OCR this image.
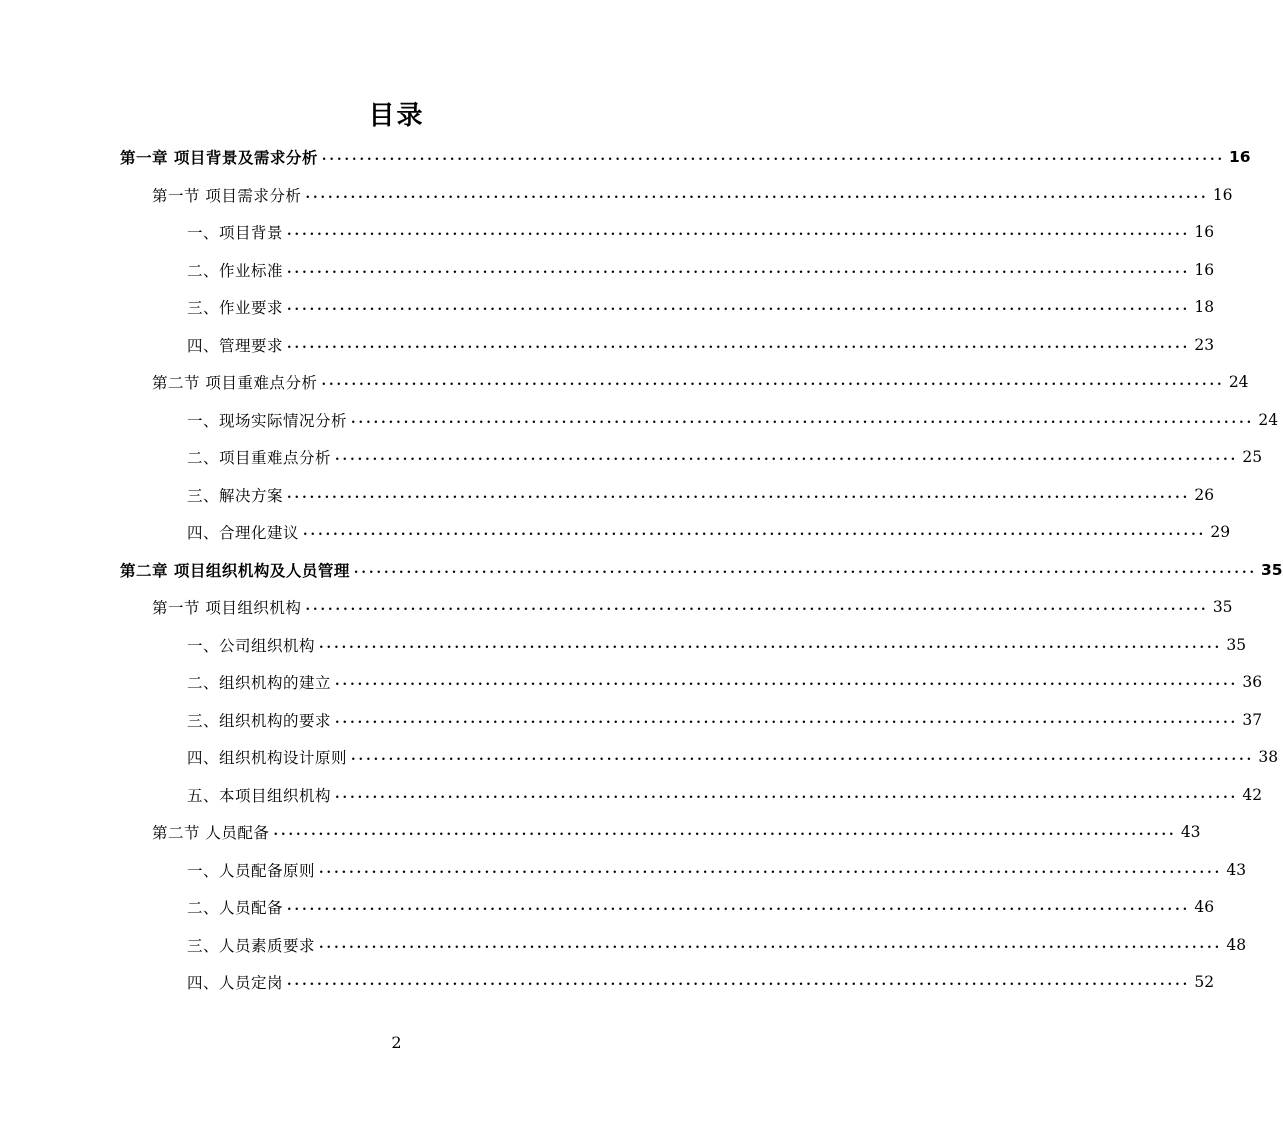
目录
第一章 项目背景及需求分析 ........................................................................................................................ 16
第一节 项目需求分析 ........................................................................................................................ 16
一、项目背景 ........................................................................................................................ 16
二、作业标准 ........................................................................................................................ 16
三、作业要求 ........................................................................................................................ 18
四、管理要求 ........................................................................................................................ 23
第二节 项目重难点分析 ........................................................................................................................ 24
一、现场实际情况分析 ........................................................................................................................ 24
二、项目重难点分析 ........................................................................................................................ 25
三、解决方案 ........................................................................................................................ 26
四、合理化建议 ........................................................................................................................ 29
第二章 项目组织机构及人员管理 ........................................................................................................................ 35
第一节 项目组织机构 ........................................................................................................................ 35
一、公司组织机构 ........................................................................................................................ 35
二、组织机构的建立 ........................................................................................................................ 36
三、组织机构的要求 ........................................................................................................................ 37
四、组织机构设计原则 ........................................................................................................................ 38
五、本项目组织机构 ........................................................................................................................ 42
第二节 人员配备 ........................................................................................................................ 43
一、人员配备原则 ........................................................................................................................ 43
二、人员配备 ........................................................................................................................ 46
三、人员素质要求 ........................................................................................................................ 48
四、人员定岗 ........................................................................................................................ 52
2
